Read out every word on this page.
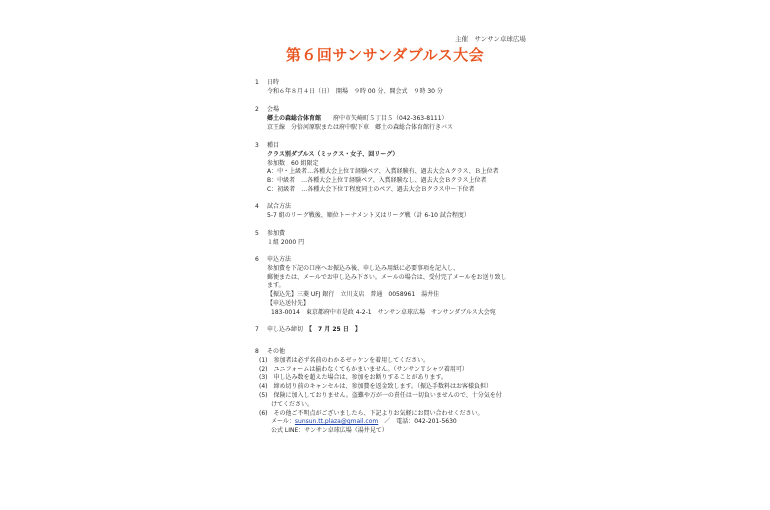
主催　サンサン卓球広場
第６回サンサンダブルス大会
1 日時
令和６年８月４日（日）　開場　９時 00 分、開会式　９時 30 分
2 会場
郷土の森総合体育館　　府中市矢崎町５丁目５（042-363-8111）
京王線　分倍河原駅または府中駅下車　郷土の森総合体育館行きバス
3 種目
クラス別ダブルス（ミックス・女子、回リーグ）
参加数　60 組限定
A：中・上級者…各種大会上位Ｔ経験ペア、入賞経験有、過去大会Ａクラス、Ｂ上位者
B：中級者　…各種大会上位Ｔ経験ペア、入賞経験なし、過去大会Ｂクラス上位者
C：初級者　…各種大会下位Ｔ程度同士のペア、過去大会Ｂクラス中～下位者
4 試合方法
5-7 組のリーグ戦後、順位トーナメント又はリーグ戦（計 6-10 試合程度）
5 参加費
１組 2000 円
6 申込方法
参加費を下記の口座へお振込み後、申し込み用紙に必要事項を記入し、
郵便または、メールでお申し込み下さい。メールの場合は、受付完了メールをお送り致し
ます。
【振込先】三菱 UFJ 銀行　立川支店　普通　0058961　湯井佳
【申込送付先】
183-0014　東京都府中市是政 4-2-1　サンサン卓球広場　サンサンダブルス大会宛
7 申し込み締切　 【　7 月 25 日　】
8 その他
(1)　参加者は必ず名前のわかるゼッケンを着用してください。
(2)　ユニフォームは揃わなくてもかまいません。（サンサンＴシャツ着用可）
(3)　申し込み数を超えた場合は、参加をお断りすることがあります。
(4)　締め切り前のキャンセルは、参加費を返金致します。（振込手数料はお客様負担）
(5)　保険に加入しておりません。盗難や万が一の責任は一切負いませんので、十分気を付
　　けてください。
(6)　その他ご不明点がございましたら、下記よりお気軽にお問い合わせください。
メール：sunsun.tt.plaza@gmail.com　／　電話：042-201-5630
公式 LINE：サンサン卓球広場（湯井見て）
